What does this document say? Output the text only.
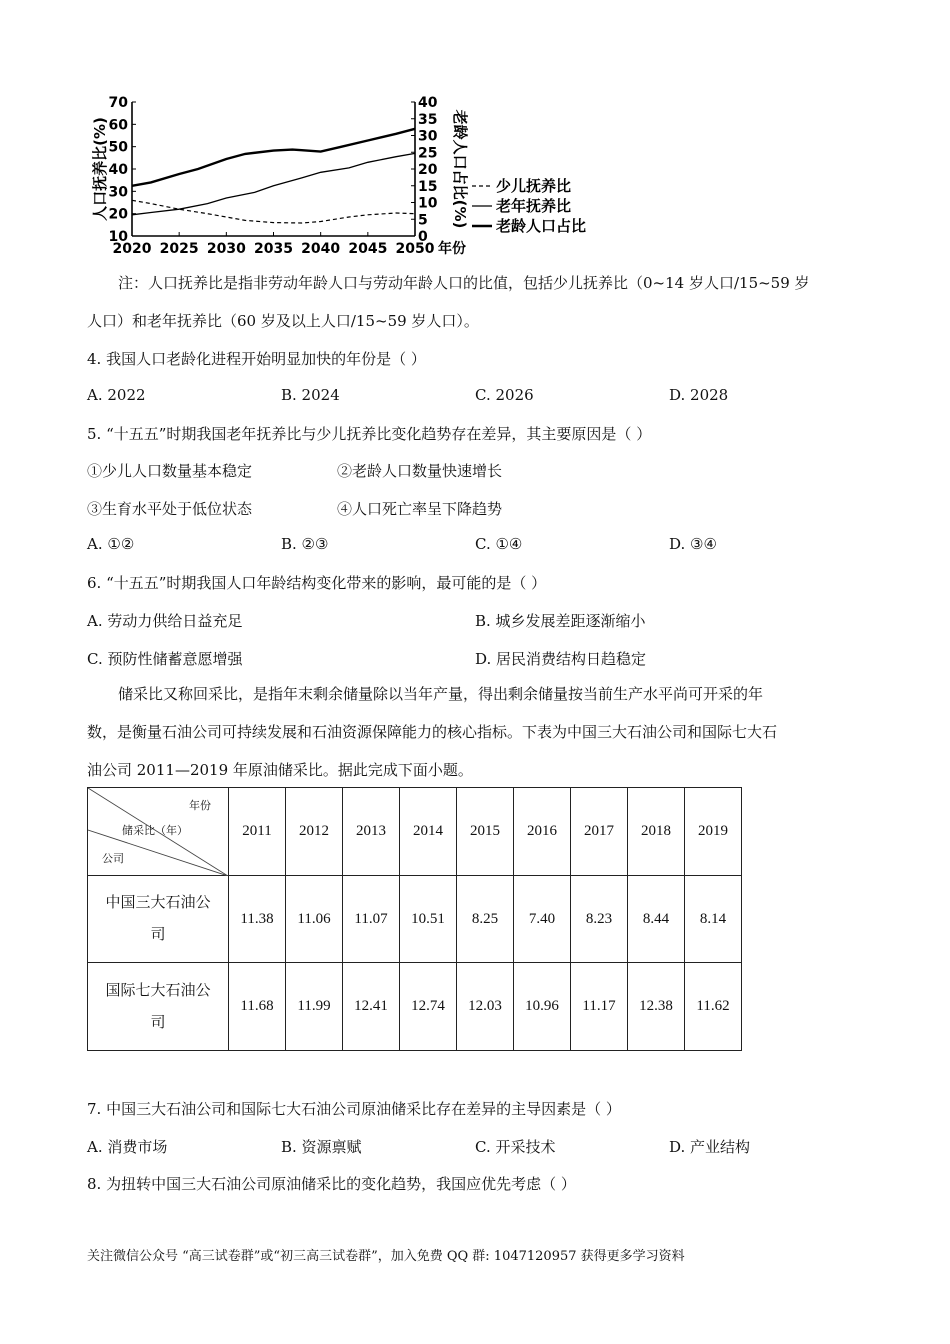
10
20
30
40
50
60
70
0
5
10
15
20
25
30
35
40
2020 2025 2030 2035 2040 2045 2050 年份
人口抚养比(%)	老龄人口占比(%) 少儿抚养比
老年抚养比
老龄人口占比
注：人口抚养比是指非劳动年龄人口与劳动年龄人口的比值，包括少儿抚养比（0~14 岁人口/15~59 岁
人口）和老年抚养比（60 岁及以上人口/15~59 岁人口）。
4. 我国人口老龄化进程开始明显加快的年份是（ ）
A. 2022	B. 2024	C. 2026	D. 2028
5. “十五五”时期我国老年抚养比与少儿抚养比变化趋势存在差异，其主要原因是（ ）
①少儿人口数量基本稳定	②老龄人口数量快速增长
③生育水平处于低位状态	④人口死亡率呈下降趋势
A. ①②	B. ②③	C. ①④	D. ③④
6. “十五五”时期我国人口年龄结构变化带来的影响，最可能的是（ ）
A. 劳动力供给日益充足	B. 城乡发展差距逐渐缩小
C. 预防性储蓄意愿增强	D. 居民消费结构日趋稳定
储采比又称回采比，是指年末剩余储量除以当年产量，得出剩余储量按当前生产水平尚可开采的年
数，是衡量石油公司可持续发展和石油资源保障能力的核心指标。下表为中国三大石油公司和国际七大石
油公司 2011—2019 年原油储采比。据此完成下面小题。
年份
储采比（年）
公司	2011	2012	2013	2014	2015	2016	2017	2018	2019
中国三大石油公
司	11.38	11.06	11.07	10.51	8.25	7.40	8.23	8.44	8.14
国际七大石油公
司	11.68	11.99	12.41	12.74	12.03	10.96	11.17	12.38	11.62
7. 中国三大石油公司和国际七大石油公司原油储采比存在差异的主导因素是（ ）
A. 消费市场	B. 资源禀赋	C. 开采技术	D. 产业结构
8. 为扭转中国三大石油公司原油储采比的变化趋势，我国应优先考虑（ ）
关注微信公众号 “高三试卷群”或“初三高三试卷群”，加入免费 QQ 群: 1047120957 获得更多学习资料
